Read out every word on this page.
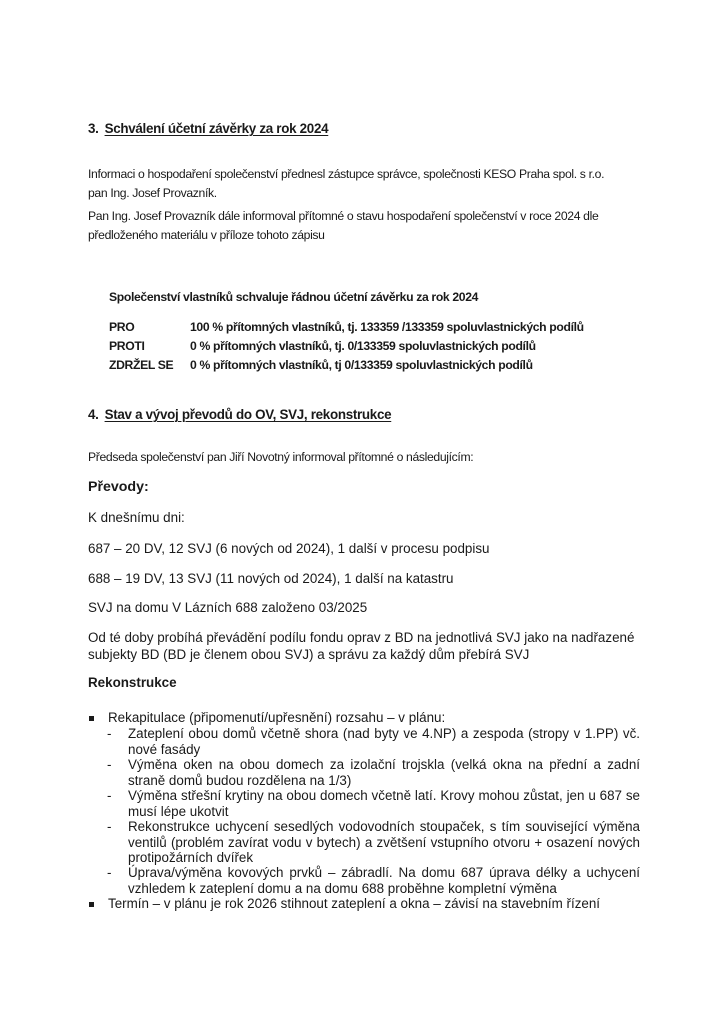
3. Schválení účetní závěrky za rok 2024
Informaci o hospodaření společenství přednesl zástupce správce, společnosti KESO Praha spol. s r.o.
pan Ing. Josef Provazník.
Pan Ing. Josef Provazník dále informoval přítomné o stavu hospodaření společenství v roce 2024 dle
předloženého materiálu v příloze tohoto zápisu
Společenství vlastníků schvaluje řádnou účetní závěrku za rok 2024
PRO	100 % přítomných vlastníků, tj. 133359 /133359 spoluvlastnických podílů
PROTI	0 % přítomných vlastníků, tj. 0/133359 spoluvlastnických podílů
ZDRŽEL SE 0 % přítomných vlastníků, tj 0/133359 spoluvlastnických podílů
4. Stav a vývoj převodů do OV, SVJ, rekonstrukce
Předseda společenství pan Jiří Novotný informoval přítomné o následujícím:
Převody:
K dnešnímu dni:
687 – 20 DV, 12 SVJ (6 nových od 2024), 1 další v procesu podpisu
688 – 19 DV, 13 SVJ (11 nových od 2024), 1 další na katastru
SVJ na domu V Lázních 688 založeno 03/2025
Od té doby probíhá převádění podílu fondu oprav z BD na jednotlivá SVJ jako na nadřazené
subjekty BD (BD je členem obou SVJ) a správu za každý dům přebírá SVJ
Rekonstrukce
Rekapitulace (připomenutí/upřesnění) rozsahu – v plánu:
- Zateplení obou domů včetně shora (nad byty ve 4.NP) a zespoda (stropy v 1.PP) vč. nové fasády
- Výměna oken na obou domech za izolační trojskla (velká okna na přední a zadní straně domů budou rozdělena na 1/3)
- Výměna střešní krytiny na obou domech včetně latí. Krovy mohou zůstat, jen u 687 se musí lépe ukotvit
- Rekonstrukce uchycení sesedlých vodovodních stoupaček, s tím související výměna ventilů (problém zavírat vodu v bytech) a zvětšení vstupního otvoru + osazení nových protipožárních dvířek
- Úprava/výměna kovových prvků – zábradlí. Na domu 687 úprava délky a uchycení vzhledem k zateplení domu a na domu 688 proběhne kompletní výměna
Termín – v plánu je rok 2026 stihnout zateplení a okna – závisí na stavebním řízení
